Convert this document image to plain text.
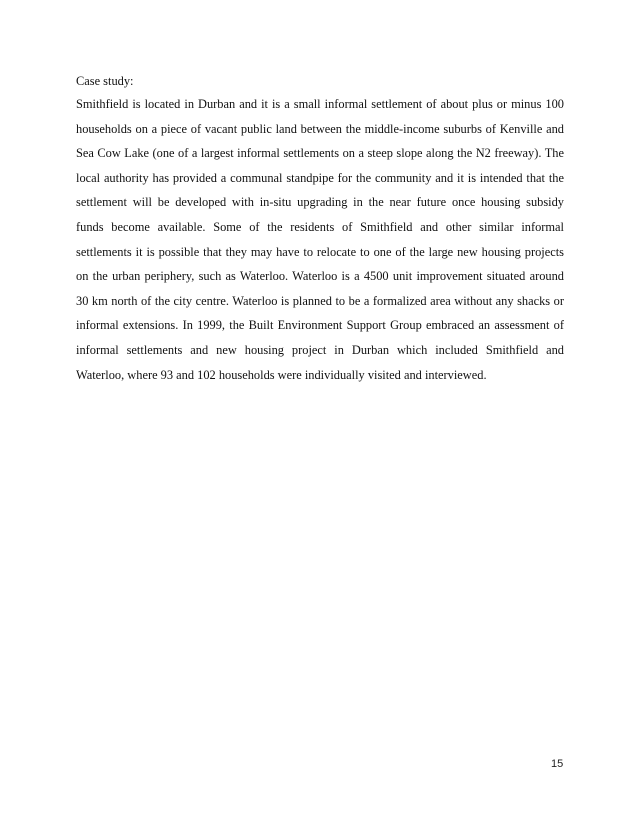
Case study:
Smithfield is located in Durban and it is a small informal settlement of about plus or minus 100
households on a piece of vacant public land between the middle-income suburbs of Kenville and
Sea Cow Lake (one of a largest informal settlements on a steep slope along the N2 freeway). The
local authority has provided a communal standpipe for the community and it is intended that the
settlement will be developed with in-situ upgrading in the near future once housing subsidy
funds become available. Some of the residents of Smithfield and other similar informal
settlements it is possible that they may have to relocate to one of the large new housing projects
on the urban periphery, such as Waterloo. Waterloo is a 4500 unit improvement situated around
30 km north of the city centre. Waterloo is planned to be a formalized area without any shacks or
informal extensions. In 1999, the Built Environment Support Group embraced an assessment of
informal settlements and new housing project in Durban which included Smithfield and
Waterloo, where 93 and 102 households were individually visited and interviewed.
15
